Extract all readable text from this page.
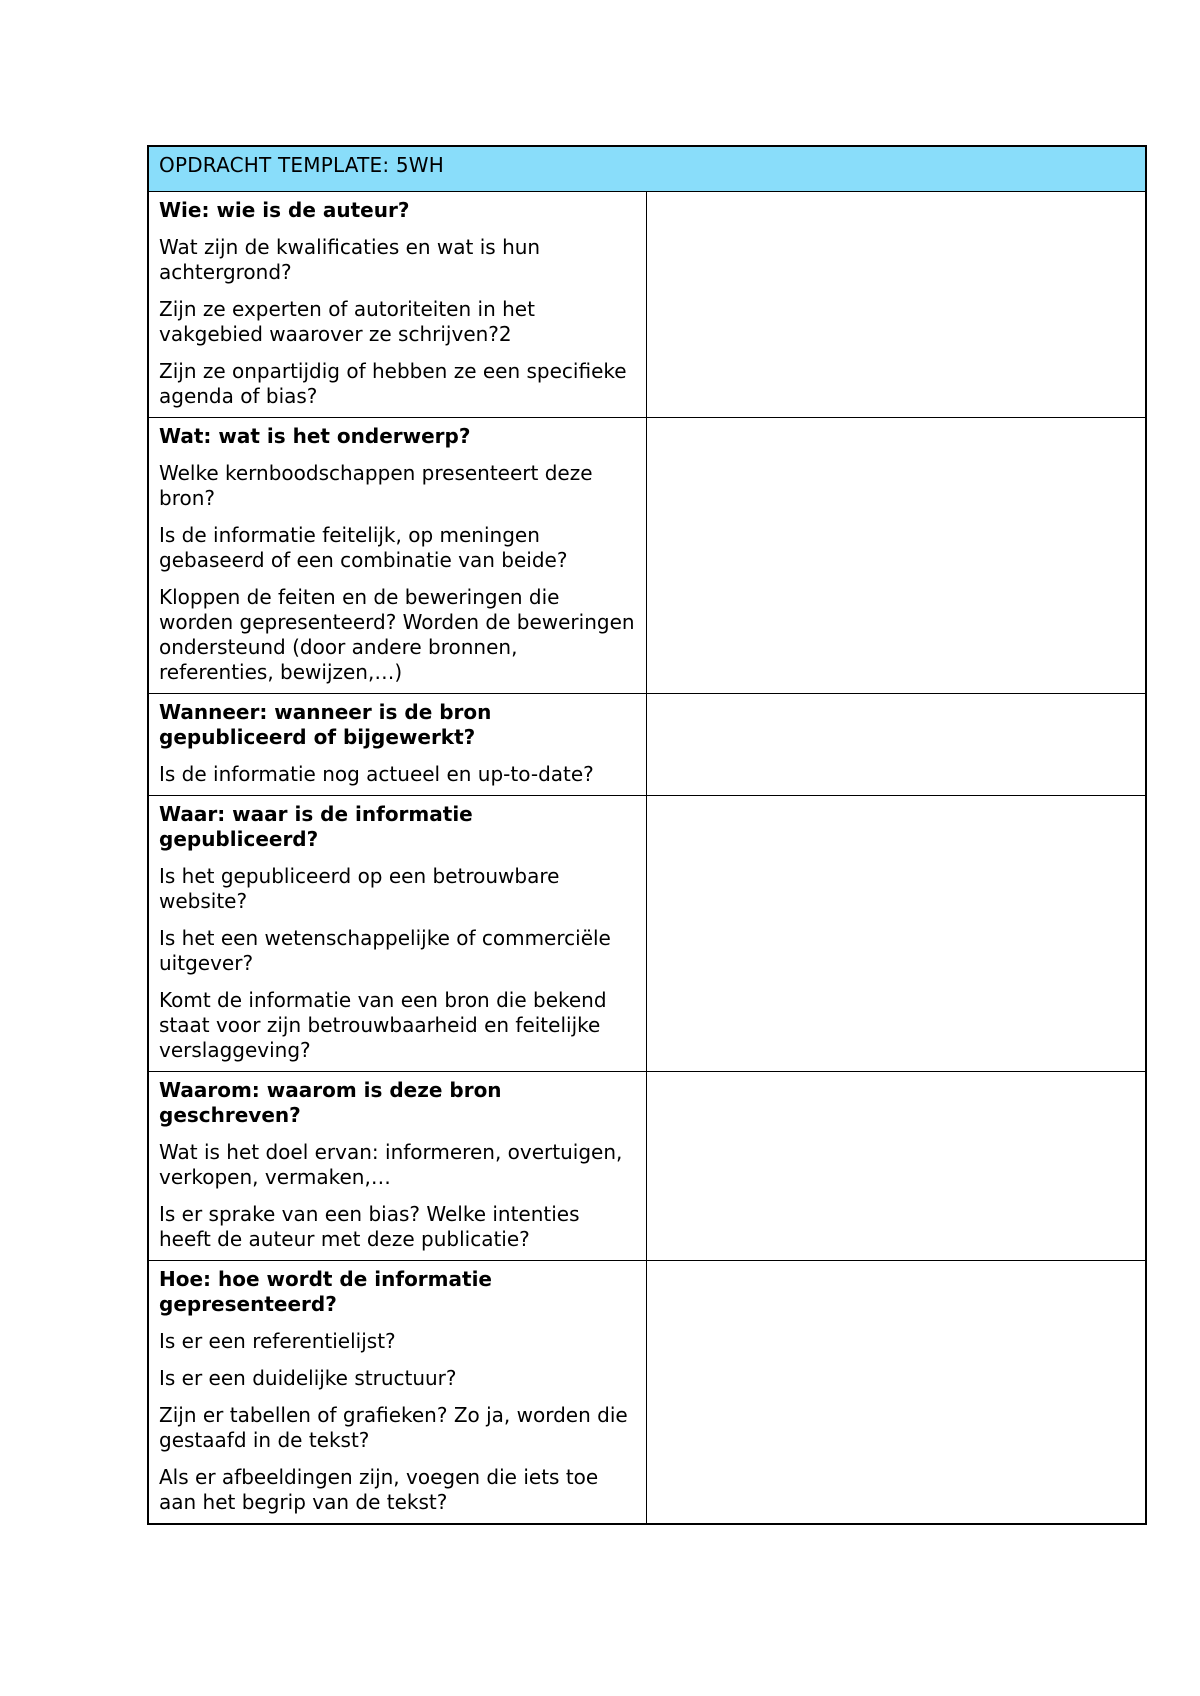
OPDRACHT TEMPLATE: 5WH	

Wie: wie is de auteur?
Wat zijn de kwalificaties en wat is hun achtergrond?
Zijn ze experten of autoriteiten in het vakgebied waarover ze schrijven?2
Zijn ze onpartijdig of hebben ze een specifieke agenda of bias?	

Wat: wat is het onderwerp?
Welke kernboodschappen presenteert deze bron?
Is de informatie feitelijk, op meningen gebaseerd of een combinatie van beide?
Kloppen de feiten en de beweringen die worden gepresenteerd? Worden de beweringen ondersteund (door andere bronnen, referenties, bewijzen,…)	

Wanneer: wanneer is de bron gepubliceerd of bijgewerkt?
Is de informatie nog actueel en up-to-date?	

Waar: waar is de informatie gepubliceerd?
Is het gepubliceerd op een betrouwbare website?
Is het een wetenschappelijke of commerciële uitgever?
Komt de informatie van een bron die bekend staat voor zijn betrouwbaarheid en feitelijke verslaggeving?	

Waarom: waarom is deze bron geschreven?
Wat is het doel ervan: informeren, overtuigen, verkopen, vermaken,…
Is er sprake van een bias? Welke intenties heeft de auteur met deze publicatie?	

Hoe: hoe wordt de informatie gepresenteerd?
Is er een referentielijst?
Is er een duidelijke structuur?
Zijn er tabellen of grafieken? Zo ja, worden die gestaafd in de tekst?
Als er afbeeldingen zijn, voegen die iets toe aan het begrip van de tekst?	
